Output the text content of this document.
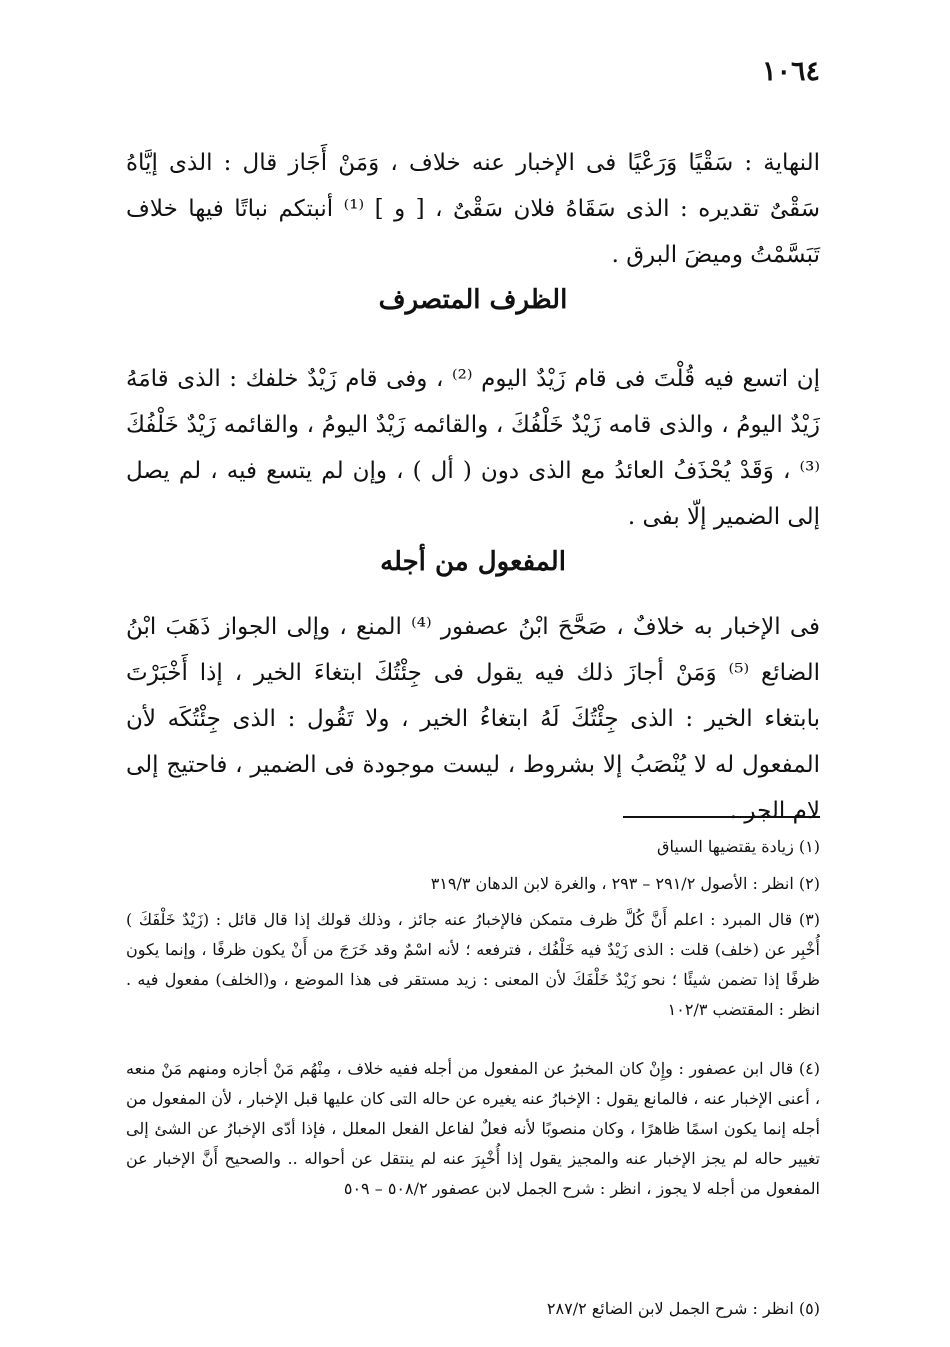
١٠٦٤

النهاية : سَقْيًا وَرَعْيًا فى الإخبار عنه خلاف ، وَمَنْ أَجَاز قال : الذى إيَّاهُ سَقْىٌ تقديره : الذى سَقَاهُ فلان سَقْىٌ ، [ و ] ⁽¹⁾ أنبتكم نباتًا فيها خلاف تَبَسَّمْتُ وميضَ البرق .

الظرف المتصرف

إن اتسع فيه قُلْتَ فى قام زَيْدٌ اليوم ⁽²⁾ ، وفى قام زَيْدٌ خلفك : الذى قامَهُ زَيْدٌ اليومُ ، والذى قامه زَيْدٌ خَلْفُكَ ، والقائمه زَيْدٌ اليومُ ، والقائمه زَيْدٌ خَلْفُكَ ⁽³⁾ ، وَقَدْ يُحْذَفُ العائدُ مع الذى دون ( أل ) ، وإن لم يتسع فيه ، لم يصل إلى الضمير إلّا بفى .

المفعول من أجله

فى الإخبار به خلافٌ ، صَحَّحَ ابْنُ عصفور ⁽⁴⁾ المنع ، وإلى الجواز ذَهَبَ ابْنُ الضائع ⁽⁵⁾ وَمَنْ أجازَ ذلك فيه يقول فى جِئْتُكَ ابتغاءَ الخير ، إذا أَخْبَرْتَ بابتغاء الخير : الذى جِئْتُكَ لَهُ ابتغاءُ الخير ، ولا تَقُول : الذى جِئْتُكَه لأن المفعول له لا يُنْصَبُ إلا بشروط ، ليست موجودة فى الضمير ، فاحتيج إلى لام الجر .

(١) زيادة يقتضيها السياق

(٢) انظر : الأصول ٢٩١/٢ – ٢٩٣ ، والغرة لابن الدهان ٣١٩/٣

(٣) قال المبرد : اعلم أَنَّ كُلَّ ظرف متمكن فالإخبارُ عنه جائز ، وذلك قولك إذا قال قائل : (زَيْدٌ خَلْفَكَ ) أُخْبِر عن (خلف) قلت : الذى زَيْدٌ فيه خَلْفُك ، فترفعه ؛ لأنه اسْمٌ وقد خَرَجَ من أَنْ يكون ظرفًا ، وإنما يكون ظرفًا إذا تضمن شيئًا ؛ نحو زَيْدٌ خَلْفَكَ لأن المعنى : زيد مستقر فى هذا الموضع ، و(الخلف) مفعول فيه . انظر : المقتضب ١٠٢/٣

(٤) قال ابن عصفور : وإِنْ كان المخبرُ عن المفعول من أجله ففيه خلاف ، مِنْهُم مَنْ أجازه ومنهم مَنْ منعه ، أعنى الإخبار عنه ، فالمانع يقول : الإخبارُ عنه يغيره عن حاله التى كان عليها قبل الإخبار ، لأن المفعول من أجله إنما يكون اسمًا ظاهرًا ، وكان منصوبًا لأنه فعلٌ لفاعل الفعل المعلل ، فإذا أدّى الإخبارُ عن الشئ إلى تغيير حاله لم يجز الإخبار عنه والمجيز يقول إذا أُخْبِرَ عنه لم ينتقل عن أحواله .. والصحيح أَنَّ الإخبار عن المفعول من أجله لا يجوز ، انظر : شرح الجمل لابن عصفور ٥٠٨/٢ – ٥٠٩

(٥) انظر : شرح الجمل لابن الضائع ٢٨٧/٢
